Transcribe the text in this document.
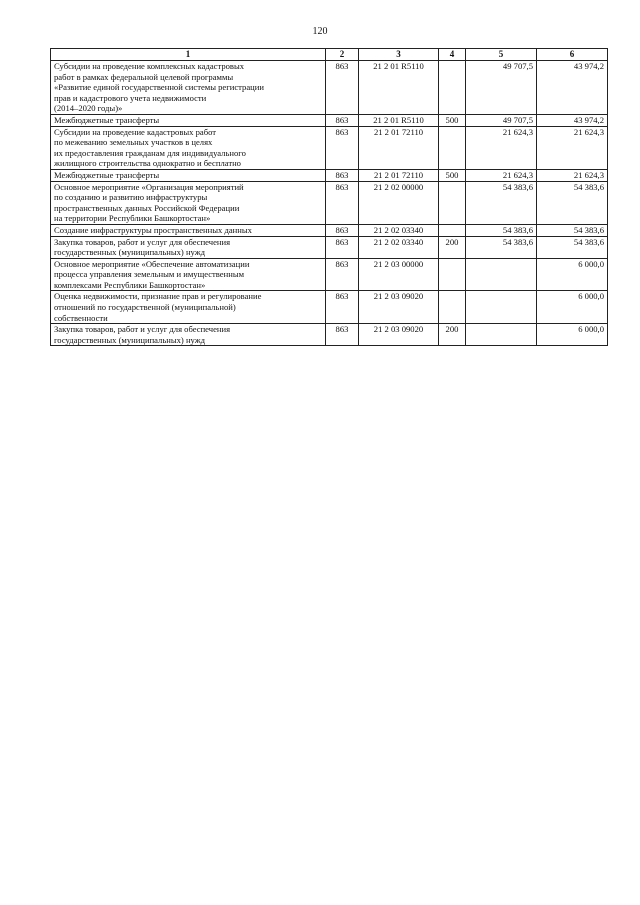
120
1	2	3	4	5	6
Субсидии на проведение комплексных кадастровых
работ в рамках федеральной целевой программы
«Развитие единой государственной системы регистрации
прав и кадастрового учета недвижимости
(2014–2020 годы)»	863	21 2 01 R5110		49 707,5	43 974,2
Межбюджетные трансферты	863	21 2 01 R5110	500	49 707,5	43 974,2
Субсидии на проведение кадастровых работ
по межеванию земельных участков в целях
их предоставления гражданам для индивидуального
жилищного строительства однократно и бесплатно	863	21 2 01 72110		21 624,3	21 624,3
Межбюджетные трансферты	863	21 2 01 72110	500	21 624,3	21 624,3
Основное мероприятие «Организация мероприятий
по созданию и развитию инфраструктуры
пространственных данных Российской Федерации
на территории Республики Башкортостан»	863	21 2 02 00000		54 383,6	54 383,6
Создание инфраструктуры пространственных данных	863	21 2 02 03340		54 383,6	54 383,6
Закупка товаров, работ и услуг для обеспечения
государственных (муниципальных) нужд	863	21 2 02 03340	200	54 383,6	54 383,6
Основное мероприятие «Обеспечение автоматизации
процесса управления земельным и имущественным
комплексами Республики Башкортостан»	863	21 2 03 00000			6 000,0
Оценка недвижимости, признание прав и регулирование
отношений по государственной (муниципальной)
собственности	863	21 2 03 09020			6 000,0
Закупка товаров, работ и услуг для обеспечения
государственных (муниципальных) нужд	863	21 2 03 09020	200		6 000,0
